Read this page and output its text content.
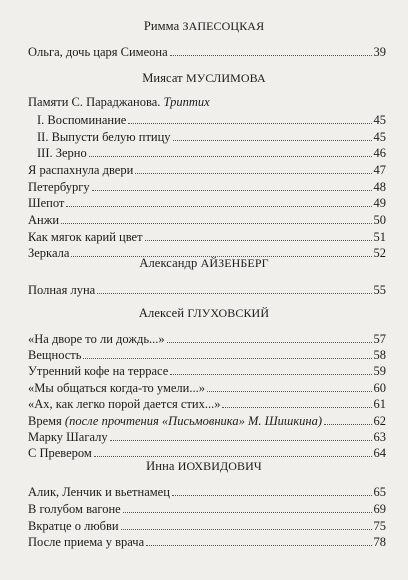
Римма ЗАПЕСОЦКАЯ
Ольга, дочь царя Симеона	39
Миясат МУСЛИМОВА
Памяти С. Параджанова. Триптих
I. Воспоминание	45
II. Выпусти белую птицу	45
III. Зерно	46
Я распахнула двери	47
Петербургу	48
Шепот	49
Анжи	50
Как мягок карий цвет	51
Зеркала	52
Александр АЙЗЕНБЕРГ
Полная луна	55
Алексей ГЛУХОВСКИЙ
«На дворе то ли дождь...»	57
Вещность	58
Утренний кофе на террасе	59
«Мы общаться когда-то умели...»	60
«Ах, как легко порой дается стих...»	61
Время (после прочтения «Письмовника» М. Шишкина)	62
Марку Шагалу	63
С Превером	64
Инна ИОХВИДОВИЧ
Алик, Ленчик и вьетнамец	65
В голубом вагоне	69
Вкратце о любви	75
После приема у врача	78
